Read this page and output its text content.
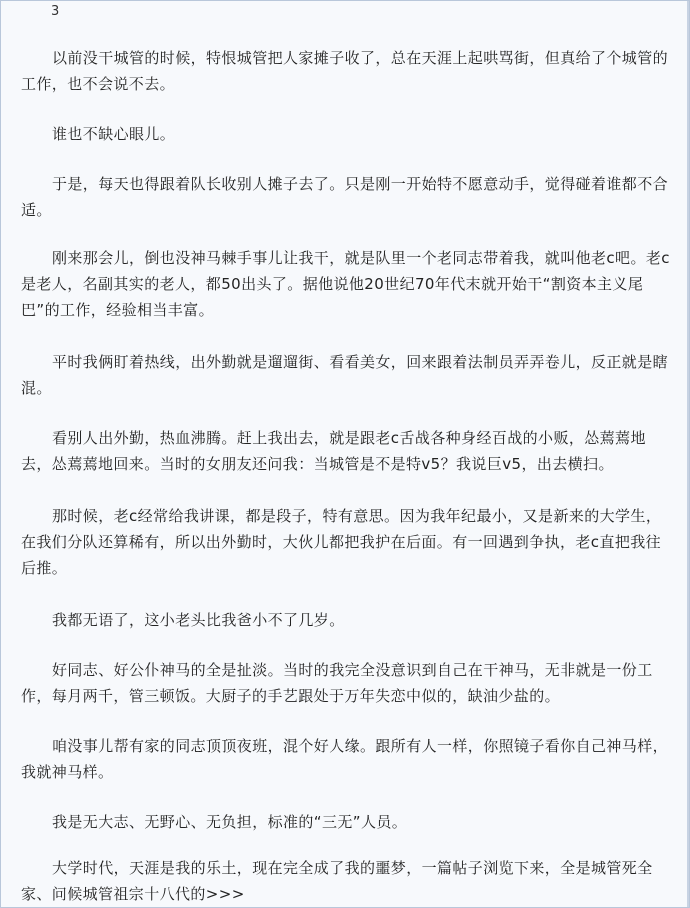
3

以前没干城管的时候，特恨城管把人家摊子收了，总在天涯上起哄骂街，但真给了个城管的工作，也不会说不去。

谁也不缺心眼儿。

于是，每天也得跟着队长收别人摊子去了。只是刚一开始特不愿意动手，觉得碰着谁都不合适。

刚来那会儿，倒也没神马棘手事儿让我干，就是队里一个老同志带着我，就叫他老c吧。老c是老人，名副其实的老人，都50出头了。据他说他20世纪70年代末就开始干“割资本主义尾巴”的工作，经验相当丰富。

平时我俩盯着热线，出外勤就是遛遛街、看看美女，回来跟着法制员弄弄卷儿，反正就是瞎混。

看别人出外勤，热血沸腾。赶上我出去，就是跟老c舌战各种身经百战的小贩，怂蔫蔫地去，怂蔫蔫地回来。当时的女朋友还问我：当城管是不是特v5？我说巨v5，出去横扫。

那时候，老c经常给我讲课，都是段子，特有意思。因为我年纪最小，又是新来的大学生，在我们分队还算稀有，所以出外勤时，大伙儿都把我护在后面。有一回遇到争执，老c直把我往后推。

我都无语了，这小老头比我爸小不了几岁。

好同志、好公仆神马的全是扯淡。当时的我完全没意识到自己在干神马，无非就是一份工作，每月两千，管三顿饭。大厨子的手艺跟处于万年失恋中似的，缺油少盐的。

咱没事儿帮有家的同志顶顶夜班，混个好人缘。跟所有人一样，你照镜子看你自己神马样，我就神马样。

我是无大志、无野心、无负担，标准的“三无”人员。

大学时代，天涯是我的乐土，现在完全成了我的噩梦，一篇帖子浏览下来，全是城管死全家、问候城管祖宗十八代的>>>
